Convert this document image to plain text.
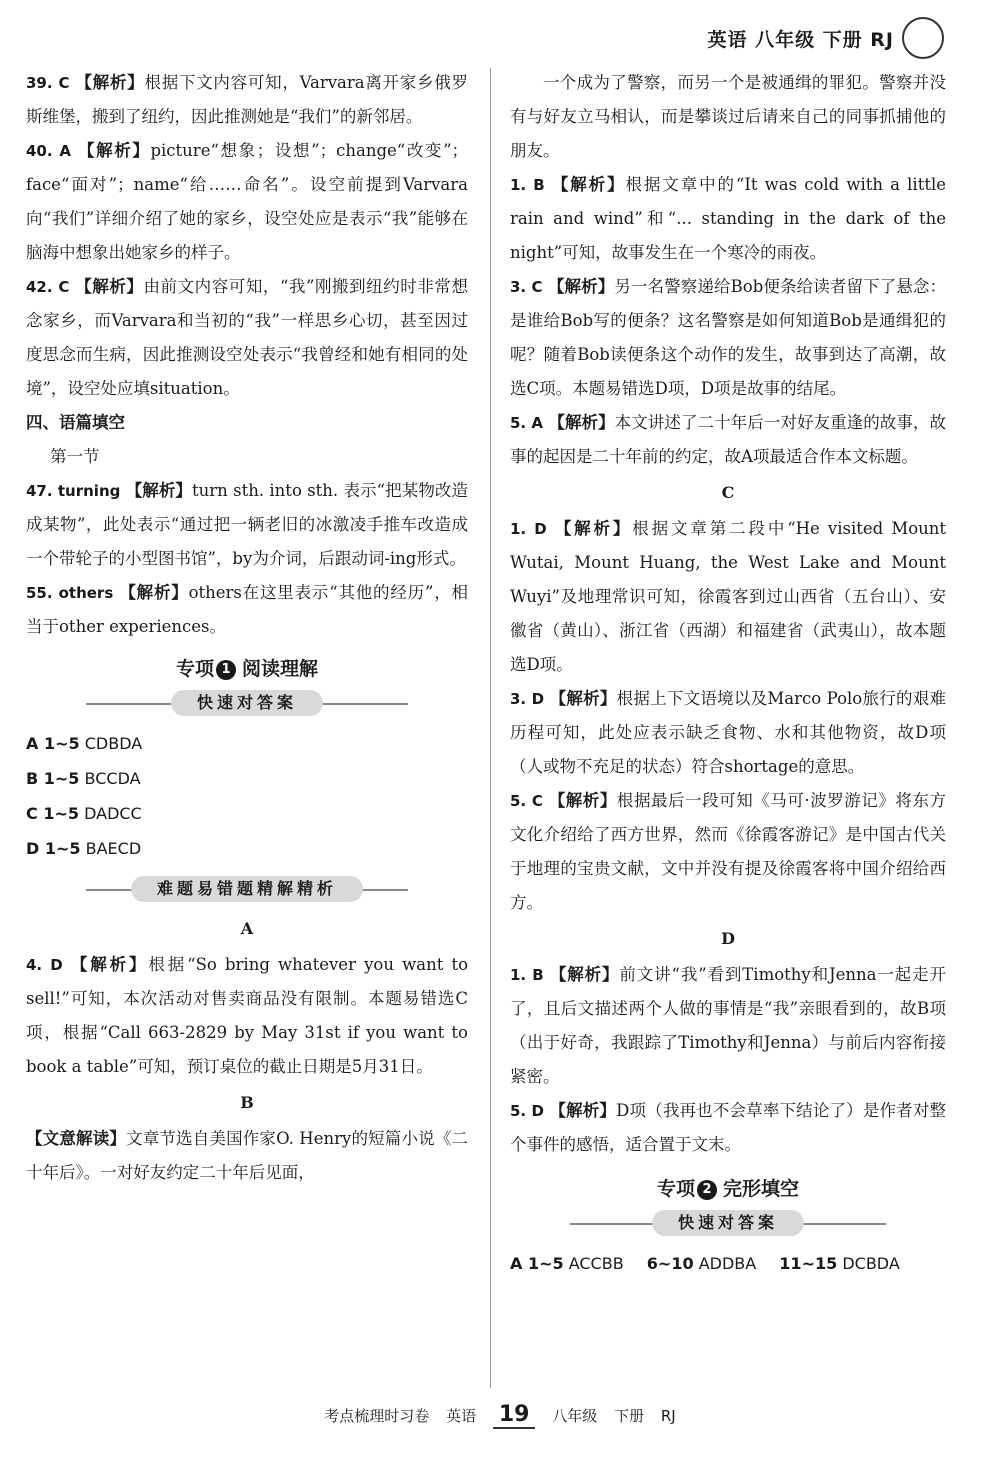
英语 八年级 下册 RJ

39. C 【解析】根据下文内容可知，Varvara离开家乡俄罗斯维堡，搬到了纽约，因此推测她是“我们”的新邻居。

40. A 【解析】picture“想象；设想”；change“改变”；face“面对”；name“给……命名”。设空前提到Varvara向“我们”详细介绍了她的家乡，设空处应是表示“我”能够在脑海中想象出她家乡的样子。

42. C 【解析】由前文内容可知，“我”刚搬到纽约时非常想念家乡，而Varvara和当初的“我”一样思乡心切，甚至因过度思念而生病，因此推测设空处表示“我曾经和她有相同的处境”，设空处应填situation。

四、语篇填空

第一节

47. turning 【解析】turn sth. into sth. 表示“把某物改造成某物”，此处表示“通过把一辆老旧的冰激凌手推车改造成一个带轮子的小型图书馆”，by为介词，后跟动词-ing形式。

55. others 【解析】others在这里表示“其他的经历”，相当于other experiences。

专项 1 阅读理解
快速对答案

A 1~5 CDBDA

B 1~5 BCCDA

C 1~5 DADCC

D 1~5 BAECD

难题易错题精解精析

A

4. D 【解析】根据“So bring whatever you want to sell!”可知，本次活动对售卖商品没有限制。本题易错选C项，根据“Call 663-2829 by May 31st if you want to book a table”可知，预订桌位的截止日期是5月31日。

B

【文意解读】文章节选自美国作家O. Henry的短篇小说《二十年后》。一对好友约定二十年后见面，

一个成为了警察，而另一个是被通缉的罪犯。警察并没有与好友立马相认，而是攀谈过后请来自己的同事抓捕他的朋友。

1. B 【解析】根据文章中的“It was cold with a little rain and wind”和“... standing in the dark of the night”可知，故事发生在一个寒冷的雨夜。

3. C 【解析】另一名警察递给Bob便条给读者留下了悬念：是谁给Bob写的便条？这名警察是如何知道Bob是通缉犯的呢？随着Bob读便条这个动作的发生，故事到达了高潮，故选C项。本题易错选D项，D项是故事的结尾。

5. A 【解析】本文讲述了二十年后一对好友重逢的故事，故事的起因是二十年前的约定，故A项最适合作本文标题。

C

1. D 【解析】根据文章第二段中“He visited Mount Wutai, Mount Huang, the West Lake and Mount Wuyi”及地理常识可知，徐霞客到过山西省（五台山）、安徽省（黄山）、浙江省（西湖）和福建省（武夷山），故本题选D项。

3. D 【解析】根据上下文语境以及Marco Polo旅行的艰难历程可知，此处应表示缺乏食物、水和其他物资，故D项（人或物不充足的状态）符合shortage的意思。

5. C 【解析】根据最后一段可知《马可·波罗游记》将东方文化介绍给了西方世界，然而《徐霞客游记》是中国古代关于地理的宝贵文献，文中并没有提及徐霞客将中国介绍给西方。

D

1. B 【解析】前文讲“我”看到Timothy和Jenna一起走开了，且后文描述两个人做的事情是“我”亲眼看到的，故B项（出于好奇，我跟踪了Timothy和Jenna）与前后内容衔接紧密。

5. D 【解析】D项（我再也不会草率下结论了）是作者对整个事件的感悟，适合置于文末。

专项 2 完形填空
快速对答案

A 1~5 ACCBB 6~10 ADDBA 11~15 DCBDA

考点梳理时习卷 英语 19 八年级 下册 RJ
